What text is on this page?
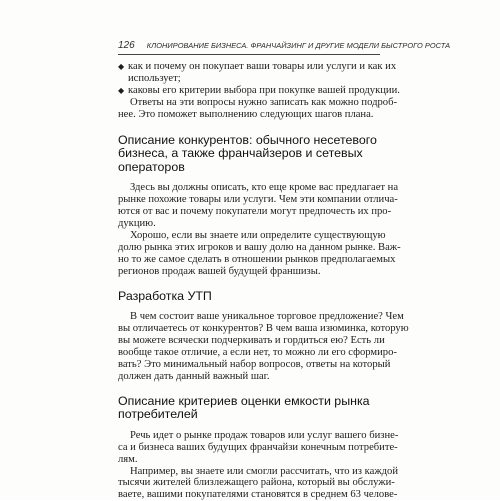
126 КЛОНИРОВАНИЕ БИЗНЕСА. ФРАНЧАЙЗИНГ И ДРУГИЕ МОДЕЛИ БЫСТРОГО РОСТА
◆ как и почему он покупает ваши товары или услуги и как их
использует;
◆ каковы его критерии выбора при покупке вашей продукции.

Ответы на эти вопросы нужно записать как можно подроб-
нее. Это поможет выполнению следующих шагов плана.

Описание конкурентов: обычного несетевого
бизнеса, а также франчайзеров и сетевых
операторов

Здесь вы должны описать, кто еще кроме вас предлагает на
рынке похожие товары или услуги. Чем эти компании отлича-
ются от вас и почему покупатели могут предпочесть их про-
дукцию.

Хорошо, если вы знаете или определите существующую
долю рынка этих игроков и вашу долю на данном рынке. Важ-
но то же самое сделать в отношении рынков предполагаемых
регионов продаж вашей будущей франшизы.

Разработка УТП

В чем состоит ваше уникальное торговое предложение? Чем
вы отличаетесь от конкурентов? В чем ваша изюминка, которую
вы можете всячески подчеркивать и гордиться ею? Есть ли
вообще такое отличие, а если нет, то можно ли его сформиро-
вать? Это минимальный набор вопросов, ответы на который
должен дать данный важный шаг.

Описание критериев оценки емкости рынка
потребителей

Речь идет о рынке продаж товаров или услуг вашего бизне-
са и бизнеса ваших будущих франчайзи конечным потребите-
лям.

Например, вы знаете или смогли рассчитать, что из каждой
тысячи жителей близлежащего района, который вы обслужи-
ваете, вашими покупателями становятся в среднем 63 челове-
